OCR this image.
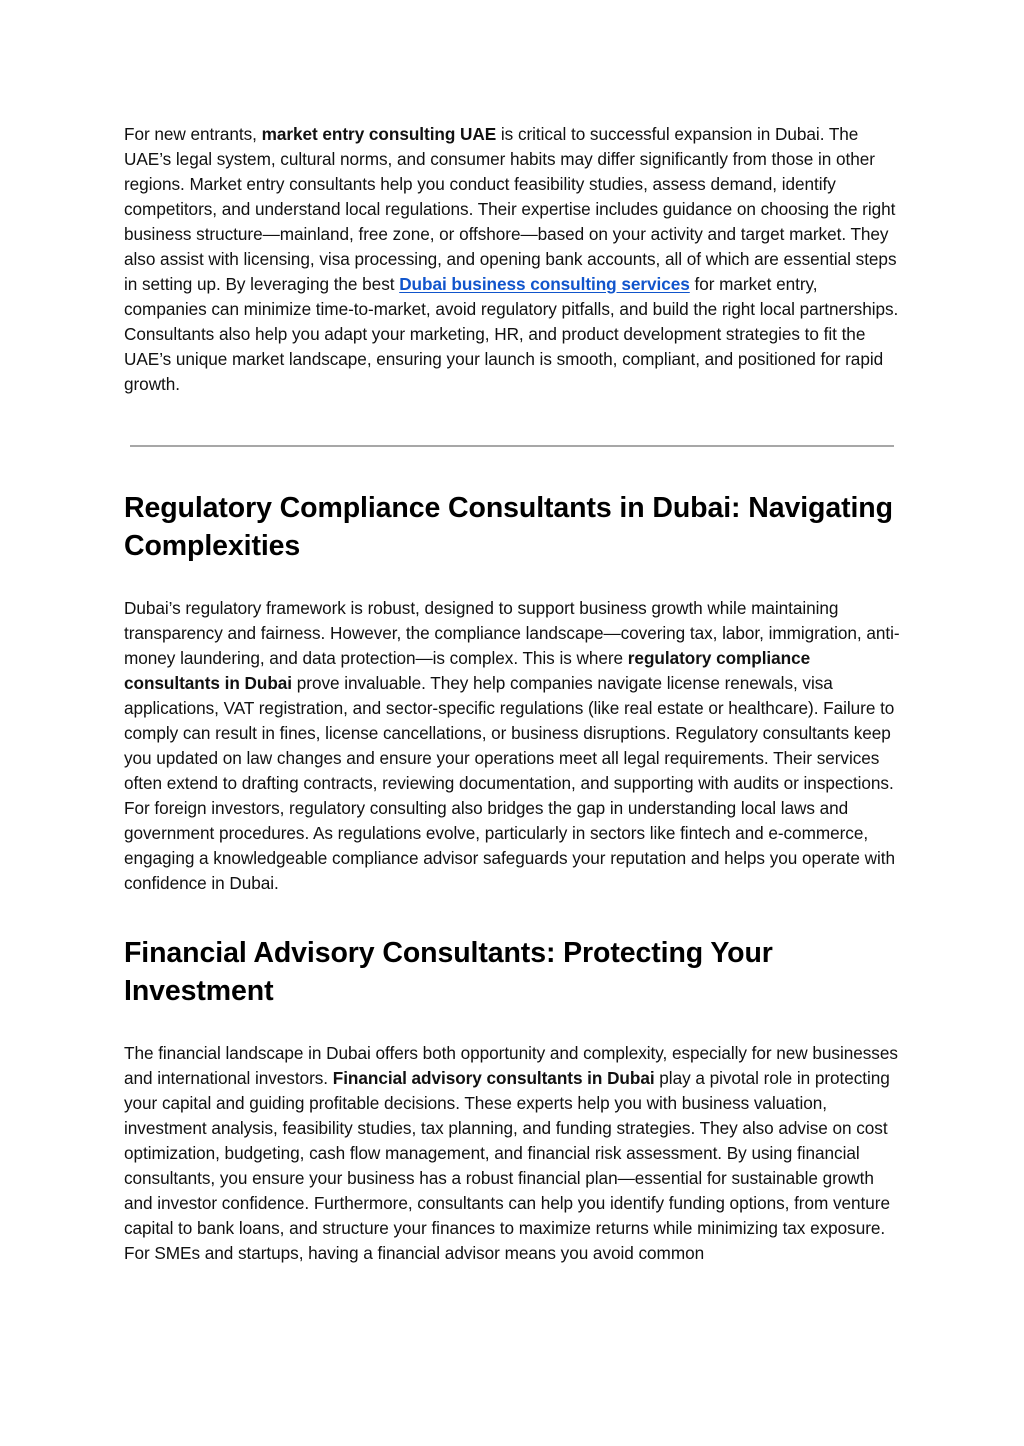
For new entrants, market entry consulting UAE is critical to successful expansion in Dubai. The UAE’s legal system, cultural norms, and consumer habits may differ significantly from those in other regions. Market entry consultants help you conduct feasibility studies, assess demand, identify competitors, and understand local regulations. Their expertise includes guidance on choosing the right business structure—mainland, free zone, or offshore—based on your activity and target market. They also assist with licensing, visa processing, and opening bank accounts, all of which are essential steps in setting up. By leveraging the best Dubai business consulting services for market entry, companies can minimize time-to-market, avoid regulatory pitfalls, and build the right local partnerships. Consultants also help you adapt your marketing, HR, and product development strategies to fit the UAE’s unique market landscape, ensuring your launch is smooth, compliant, and positioned for rapid growth.

Regulatory Compliance Consultants in Dubai: Navigating Complexities

Dubai’s regulatory framework is robust, designed to support business growth while maintaining transparency and fairness. However, the compliance landscape—covering tax, labor, immigration, anti-money laundering, and data protection—is complex. This is where regulatory compliance consultants in Dubai prove invaluable. They help companies navigate license renewals, visa applications, VAT registration, and sector-specific regulations (like real estate or healthcare). Failure to comply can result in fines, license cancellations, or business disruptions. Regulatory consultants keep you updated on law changes and ensure your operations meet all legal requirements. Their services often extend to drafting contracts, reviewing documentation, and supporting with audits or inspections. For foreign investors, regulatory consulting also bridges the gap in understanding local laws and government procedures. As regulations evolve, particularly in sectors like fintech and e-commerce, engaging a knowledgeable compliance advisor safeguards your reputation and helps you operate with confidence in Dubai.

Financial Advisory Consultants: Protecting Your Investment

The financial landscape in Dubai offers both opportunity and complexity, especially for new businesses and international investors. Financial advisory consultants in Dubai play a pivotal role in protecting your capital and guiding profitable decisions. These experts help you with business valuation, investment analysis, feasibility studies, tax planning, and funding strategies. They also advise on cost optimization, budgeting, cash flow management, and financial risk assessment. By using financial consultants, you ensure your business has a robust financial plan—essential for sustainable growth and investor confidence. Furthermore, consultants can help you identify funding options, from venture capital to bank loans, and structure your finances to maximize returns while minimizing tax exposure. For SMEs and startups, having a financial advisor means you avoid common
